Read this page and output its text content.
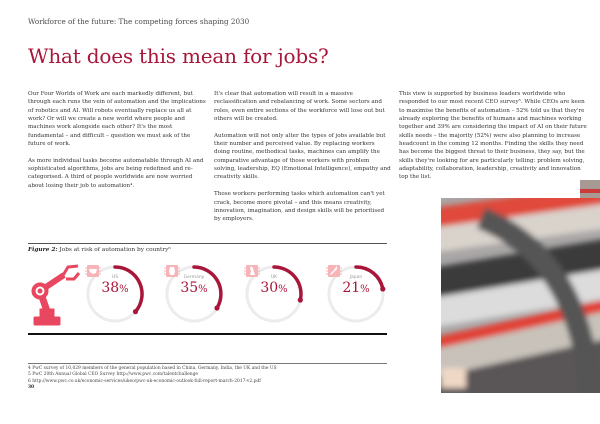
Workforce of the future: The competing forces shaping 2030
What does this mean for jobs?

Our Four Worlds of Work are each markedly different, but through each runs the vein of automation and the implications of robotics and AI. Will robots eventually replace us all at work? Or will we create a new world where people and machines work alongside each other? It's the most fundamental – and difficult – question we must ask of the future of work.

As more individual tasks become automatable through AI and sophisticated algorithms, jobs are being redefined and re-categorised. A third of people worldwide are now worried about losing their job to automation⁴.

It's clear that automation will result in a massive reclassification and rebalancing of work. Some sectors and roles, even entire sections of the workforce will lose out but others will be created.

Automation will not only alter the types of jobs available but their number and perceived value. By replacing workers doing routine, methodical tasks, machines can amplify the comparative advantage of those workers with problem solving, leadership, EQ (Emotional Intelligence), empathy and creativity skills.

Those workers performing tasks which automation can't yet crack, become more pivotal – and this means creativity, innovation, imagination, and design skills will be prioritised by employers.

This view is supported by business leaders worldwide who responded to our most recent CEO survey⁵. While CEOs are keen to maximise the benefits of automation – 52% told us that they're already exploring the benefits of humans and machines working together and 39% are considering the impact of AI on their future skills needs – the majority (52%) were also planning to increase headcount in the coming 12 months. Finding the skills they need has become the biggest threat to their business, they say, but the skills they're looking for are particularly telling: problem solving, adaptability, collaboration, leadership, creativity and innovation top the list.

Figure 2: Jobs at risk of automation by country⁶
US
38%
Germany
35%
UK
30%
Japan
21%
4 PwC survey of 10,029 members of the general population based in China, Germany, India, the UK and the US
5 PwC 20th Annual Global CEO Survey http://www.pwc.com/talentchallenge
6 http://www.pwc.co.uk/economic-services/ukeo/pwc-uk-economic-outlook-full-report-march-2017-v2.pdf
30
